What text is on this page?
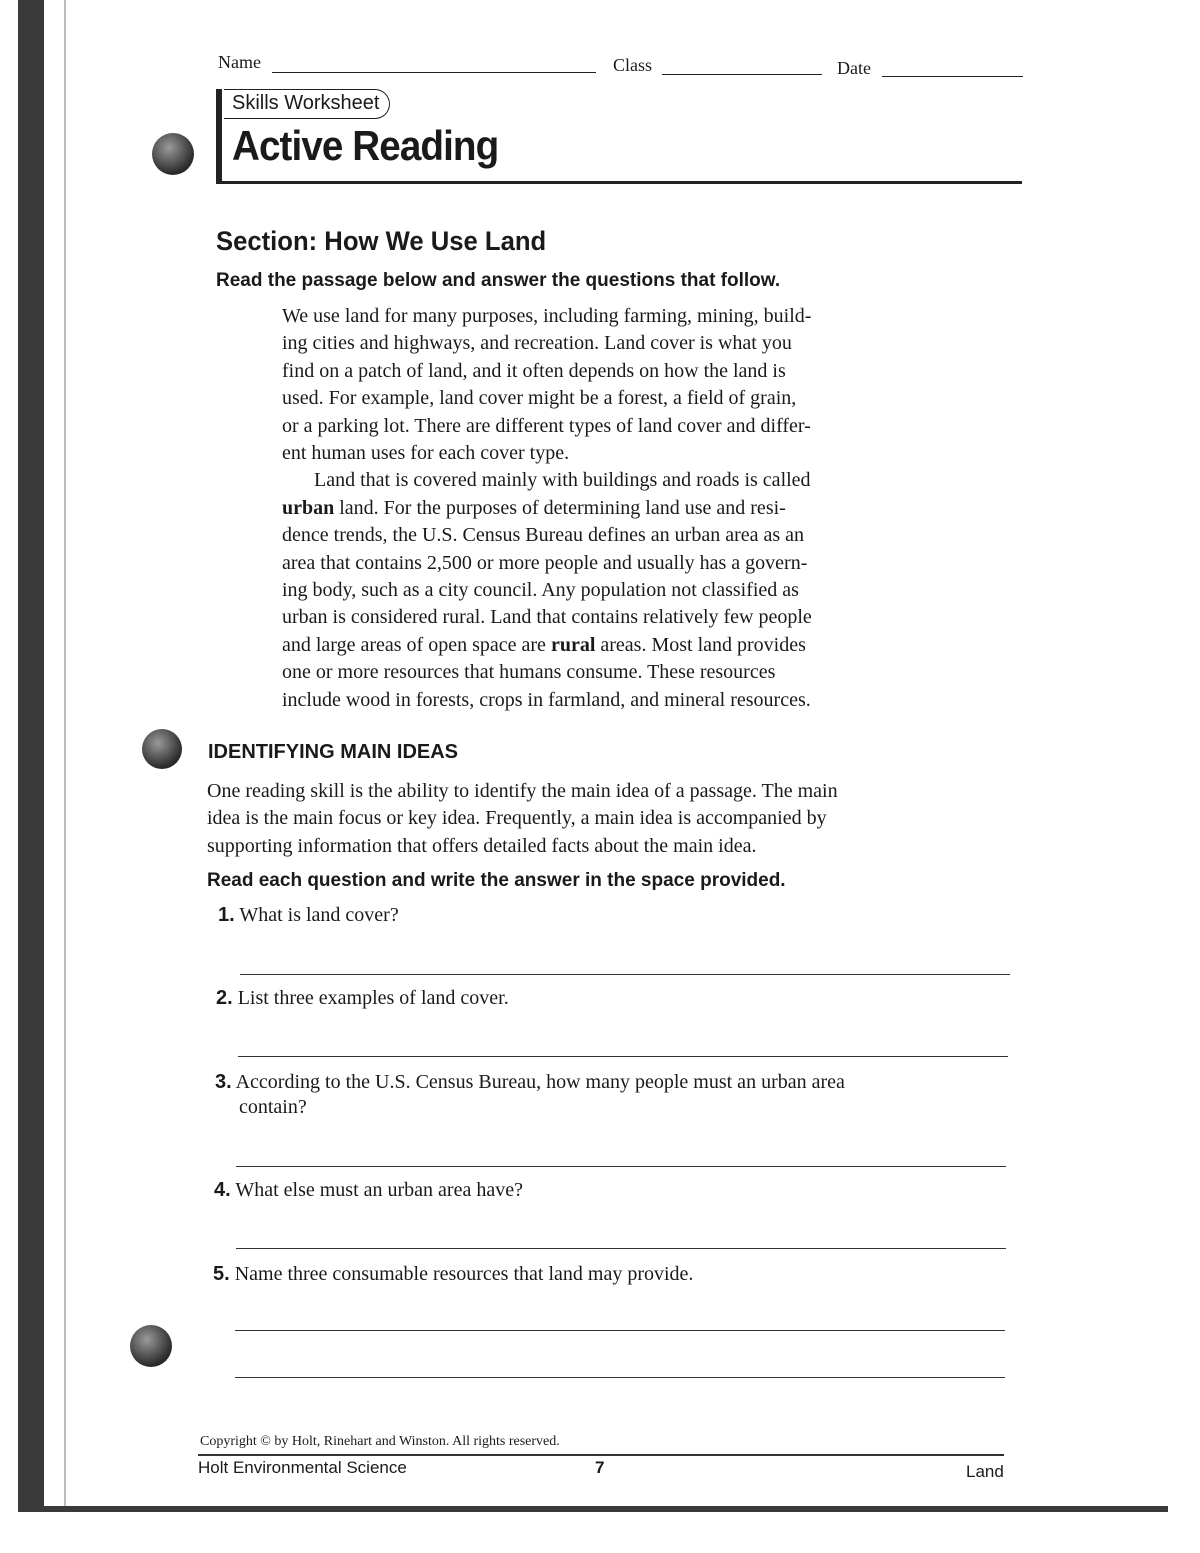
Name	Class	Date
Skills Worksheet
Active Reading
Section: How We Use Land
Read the passage below and answer the questions that follow.

We use land for many purposes, including farming, mining, build-
ing cities and highways, and recreation. Land cover is what you
find on a patch of land, and it often depends on how the land is
used. For example, land cover might be a forest, a field of grain,
or a parking lot. There are different types of land cover and differ-
ent human uses for each cover type.

Land that is covered mainly with buildings and roads is called
urban land. For the purposes of determining land use and resi-
dence trends, the U.S. Census Bureau defines an urban area as an
area that contains 2,500 or more people and usually has a govern-
ing body, such as a city council. Any population not classified as
urban is considered rural. Land that contains relatively few people
and large areas of open space are rural areas. Most land provides
one or more resources that humans consume. These resources
include wood in forests, crops in farmland, and mineral resources.

IDENTIFYING MAIN IDEAS
One reading skill is the ability to identify the main idea of a passage. The main
idea is the main focus or key idea. Frequently, a main idea is accompanied by
supporting information that offers detailed facts about the main idea.
Read each question and write the answer in the space provided.
1. What is land cover?
2. List three examples of land cover.
3. According to the U.S. Census Bureau, how many people must an urban area
contain?
4. What else must an urban area have?
5. Name three consumable resources that land may provide.
Copyright © by Holt, Rinehart and Winston. All rights reserved.
Holt Environmental Science	7	Land
